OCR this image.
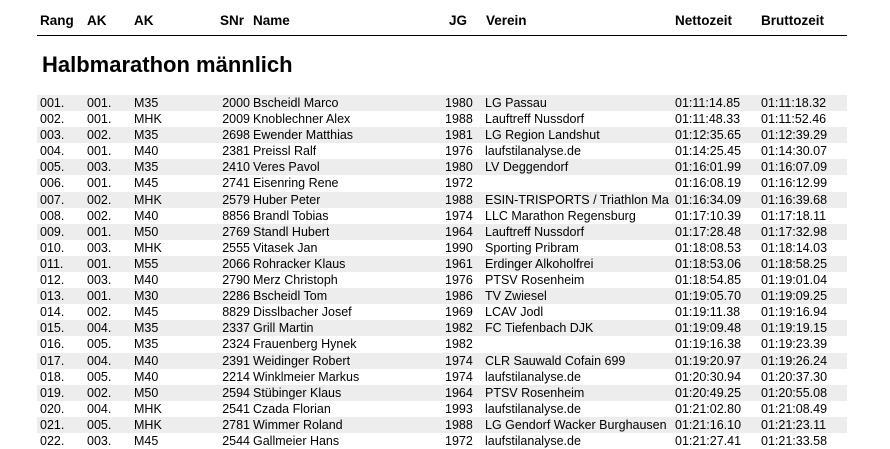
Rang AK AK	SNr Name	JG Verein	Nettozeit Bruttozeit
Halbmarathon männlich
001. 001. M35	2000 Bscheidl Marco	1980 LG Passau	01:11:14.85 01:11:18.32
002. 001. MHK	2009 Knoblechner Alex	1988 Lauftreff Nussdorf	01:11:48.33 01:11:52.46
003. 002. M35	2698 Ewender Matthias	1981 LG Region Landshut	01:12:35.65 01:12:39.29
004. 001. M40	2381 Preissl Ralf	1976 laufstilanalyse.de	01:14:25.45 01:14:30.07
005. 003. M35	2410 Veres Pavol	1980 LV Deggendorf	01:16:01.99 01:16:07.09
006. 001. M45	2741 Eisenring Rene	1972	01:16:08.19 01:16:12.99
007. 002. MHK	2579 Huber Peter	1988 ESIN-TRISPORTS / Triathlon Ma 01:16:34.09 01:16:39.68
008. 002. M40	8856 Brandl Tobias	1974 LLC Marathon Regensburg	01:17:10.39 01:17:18.11
009. 001. M50	2769 Standl Hubert	1964 Lauftreff Nussdorf	01:17:28.48 01:17:32.98
010. 003. MHK	2555 Vitasek Jan	1990 Sporting Pribram	01:18:08.53 01:18:14.03
011. 001. M55	2066 Rohracker Klaus	1961 Erdinger Alkoholfrei	01:18:53.06 01:18:58.25
012. 003. M40	2790 Merz Christoph	1976 PTSV Rosenheim	01:18:54.85 01:19:01.04
013. 001. M30	2286 Bscheidl Tom	1986 TV Zwiesel	01:19:05.70 01:19:09.25
014. 002. M45	8829 Disslbacher Josef	1969 LCAV Jodl	01:19:11.38 01:19:16.94
015. 004. M35	2337 Grill Martin	1982 FC Tiefenbach DJK	01:19:09.48 01:19:19.15
016. 005. M35	2324 Frauenberg Hynek	1982	01:19:16.38 01:19:23.39
017. 004. M40	2391 Weidinger Robert	1974 CLR Sauwald Cofain 699	01:19:20.97 01:19:26.24
018. 005. M40	2214 Winklmeier Markus	1974 laufstilanalyse.de	01:20:30.94 01:20:37.30
019. 002. M50	2594 Stübinger Klaus	1964 PTSV Rosenheim	01:20:49.25 01:20:55.08
020. 004. MHK	2541 Czada Florian	1993 laufstilanalyse.de	01:21:02.80 01:21:08.49
021. 005. MHK	2781 Wimmer Roland	1988 LG Gendorf Wacker Burghausen 01:21:16.10 01:21:23.11
022. 003. M45	2544 Gallmeier Hans	1972 laufstilanalyse.de	01:21:27.41 01:21:33.58
